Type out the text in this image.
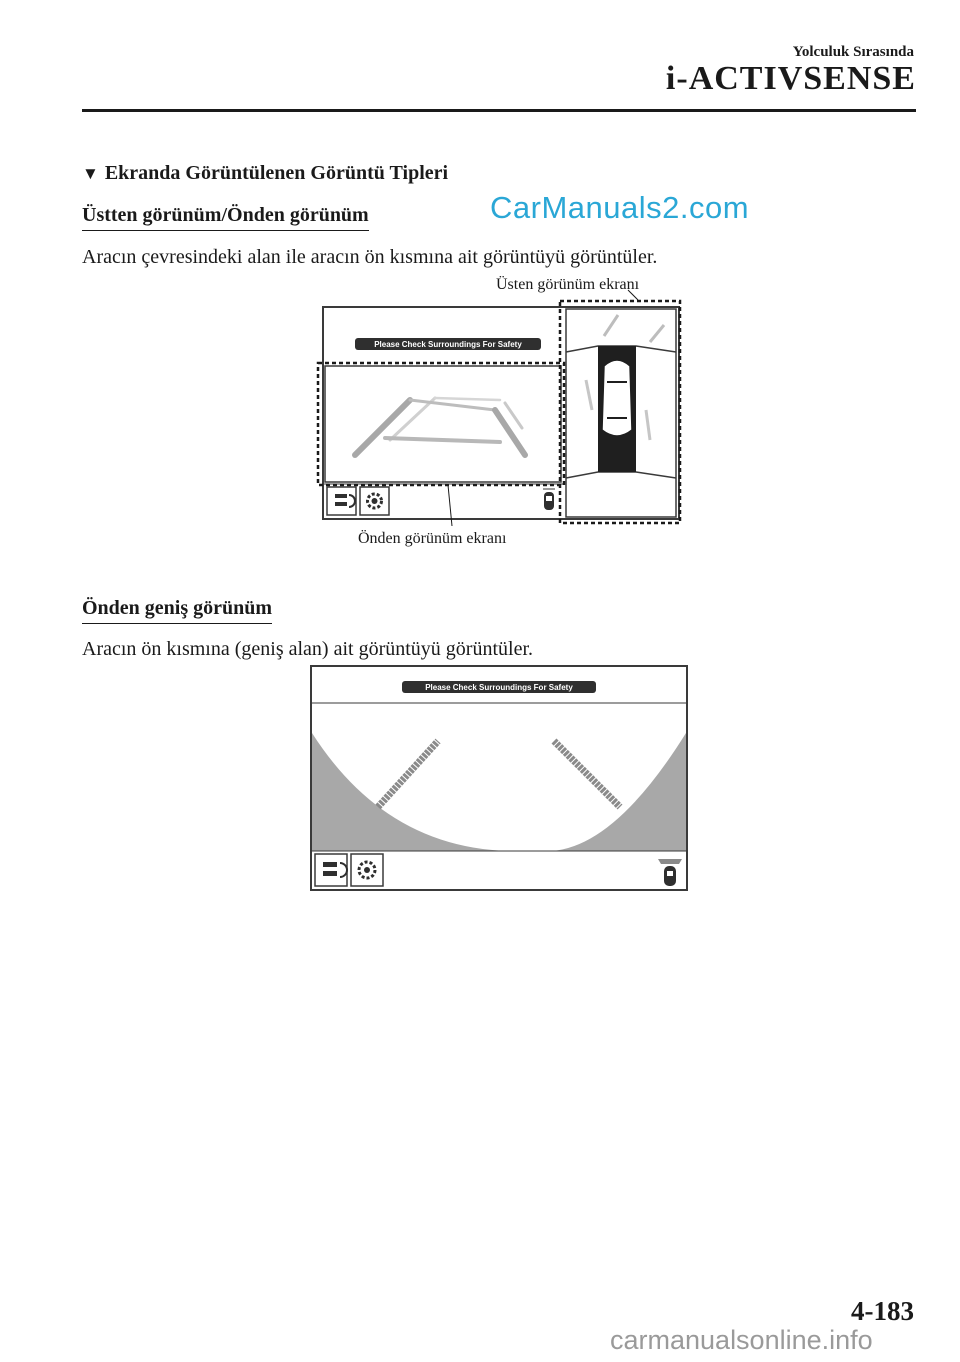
Yolculuk Sırasında
i-ACTIVSENSE
▼ Ekranda Görüntülenen Görüntü Tipleri
CarManuals2.com
Üstten görünüm/Önden görünüm
Aracın çevresindeki alan ile aracın ön kısmına ait görüntüyü görüntüler.
Please Check Surroundings For Safety
Üsten görünüm ekranı
Önden görünüm ekranı
Önden geniş görünüm
Aracın ön kısmına (geniş alan) ait görüntüyü görüntüler.
Please Check Surroundings For Safety
4-183
carmanualsonline.info
